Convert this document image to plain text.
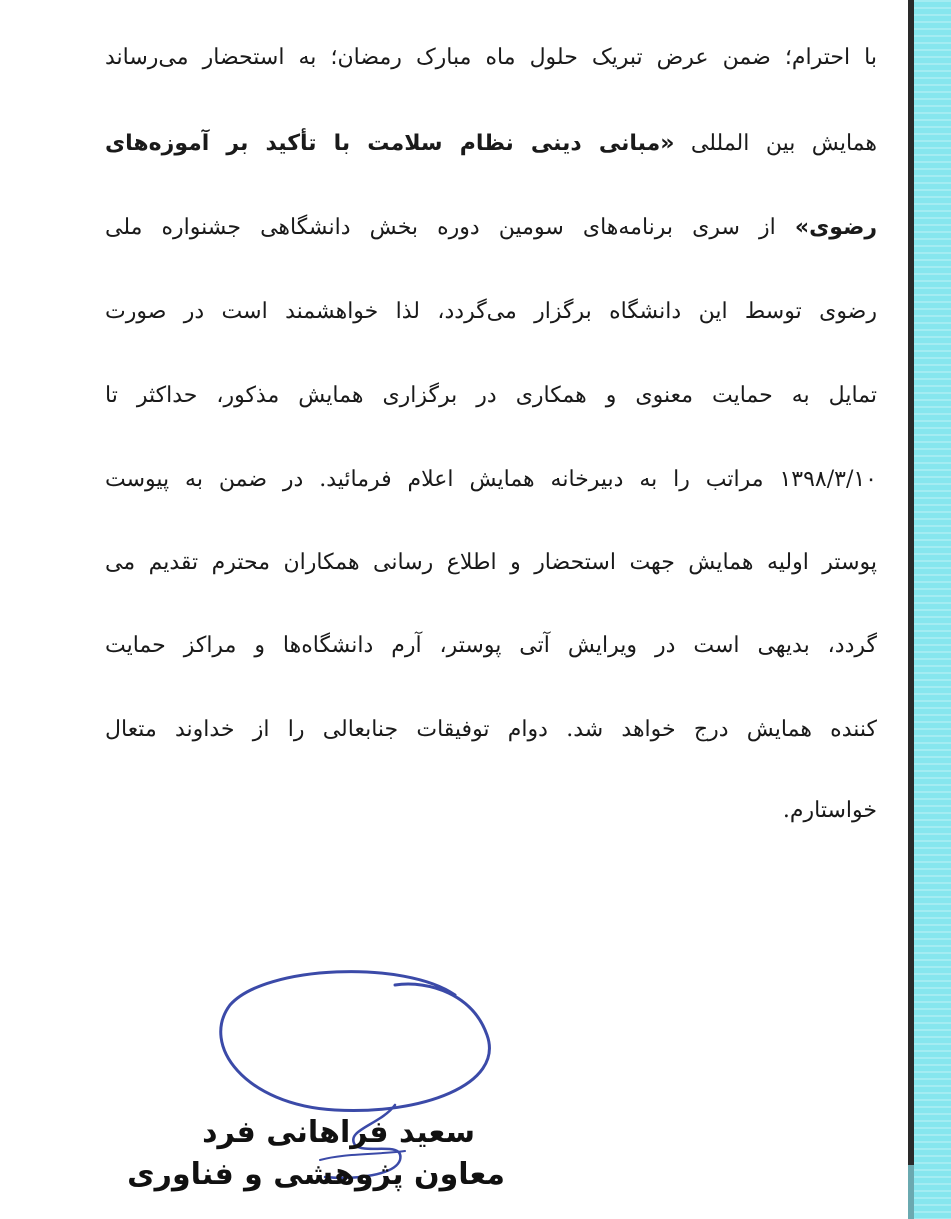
با احترام؛ ضمن عرض تبریک حلول ماه مبارک رمضان؛ به استحضار می‌رساند
همایش بین المللی «مبانی دینی نظام سلامت با تأکید بر آموزه‌های
رضوی» از سری برنامه‌های سومین دوره بخش دانشگاهی جشنواره ملی
رضوی توسط این دانشگاه برگزار می‌گردد، لذا خواهشمند است در صورت
تمایل به حمایت معنوی و همکاری در برگزاری همایش مذکور، حداکثر تا
۱۳۹۸/۳/۱۰ مراتب را به دبیرخانه همایش اعلام فرمائید. در ضمن به پیوست
پوستر اولیه همایش جهت استحضار و اطلاع رسانی همکاران محترم تقدیم می
گردد، بدیهی است در ویرایش آتی پوستر، آرم دانشگاه‌ها و مراکز حمایت
کننده همایش درج خواهد شد. دوام توفیقات جنابعالی را از خداوند متعال
خواستارم.
سعید فراهانی فرد
معاون پژوهشی و فناوری
